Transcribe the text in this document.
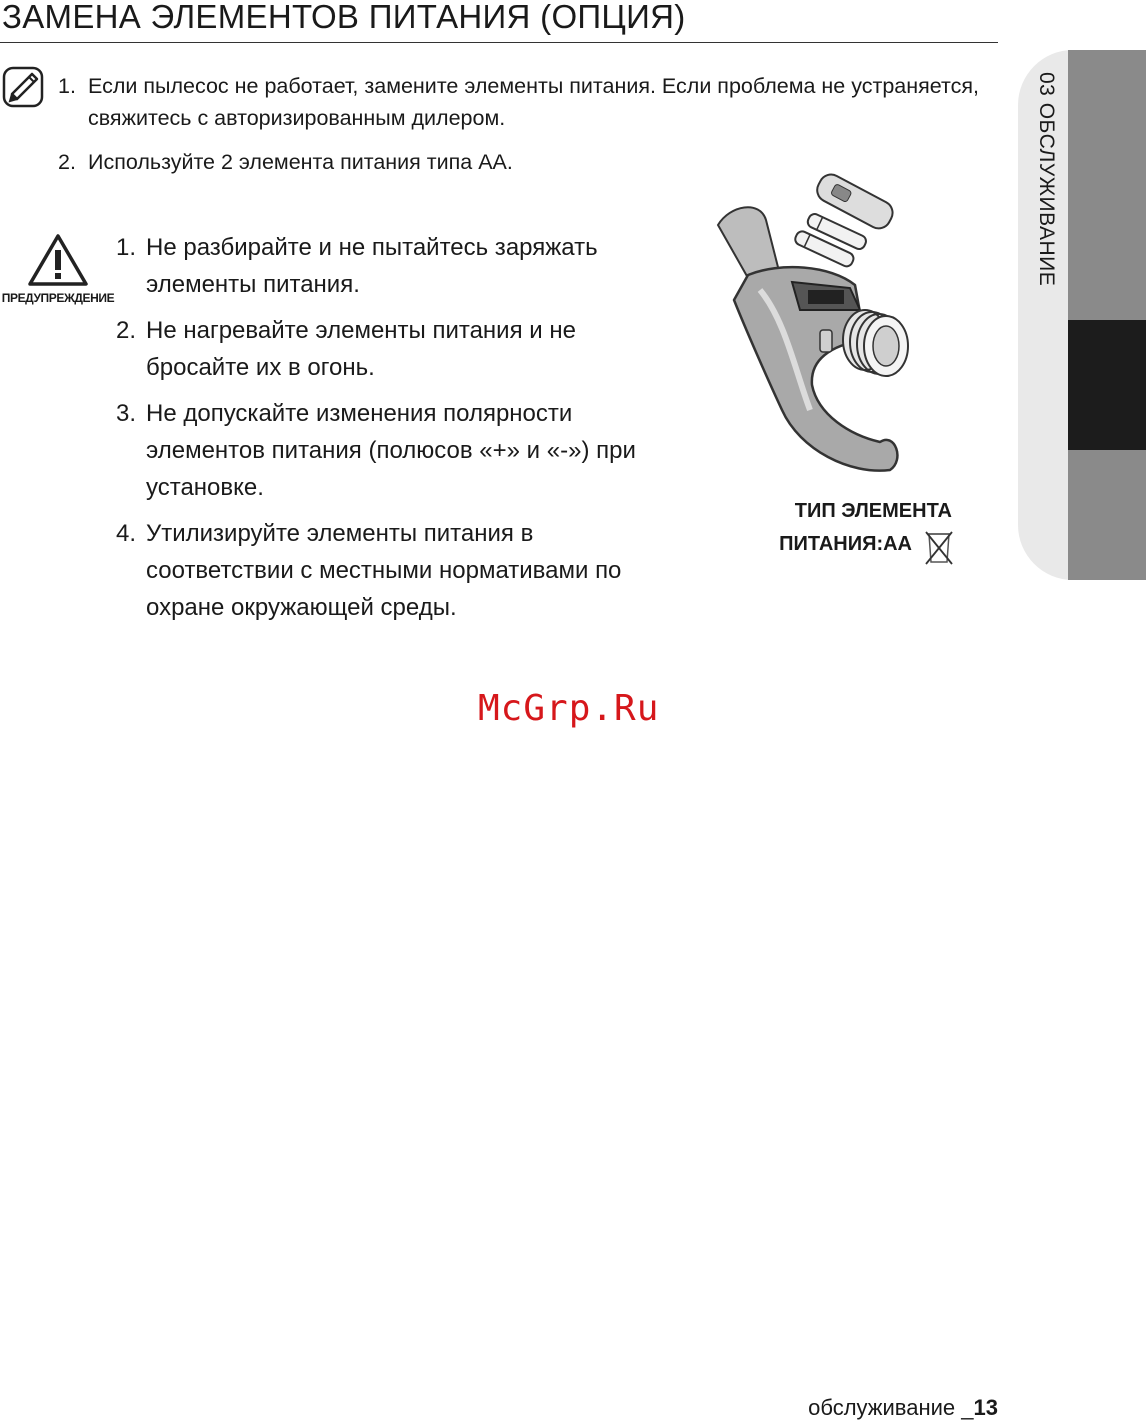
ЗАМЕНА ЭЛЕМЕНТОВ ПИТАНИЯ (ОПЦИЯ)
1. Если пылесос не работает, замените элементы питания. Если проблема не устраняется, свяжитесь с авторизированным дилером.
2. Используйте 2 элемента питания типа АА.
ПРЕДУПРЕЖДЕНИЕ
1. Не разбирайте и не пытайтесь заряжать элементы питания.
2. Не нагревайте элементы питания и не бросайте их в огонь.
3. Не допускайте изменения полярности элементов питания (полюсов «+» и «-») при установке.
4. Утилизируйте элементы питания в соответствии с местными нормативами по охране окружающей среды.
ТИП ЭЛЕМЕНТА
ПИТАНИЯ:АА
03 ОБСЛУЖИВАНИЕ
McGrp.Ru
обслуживание _13
